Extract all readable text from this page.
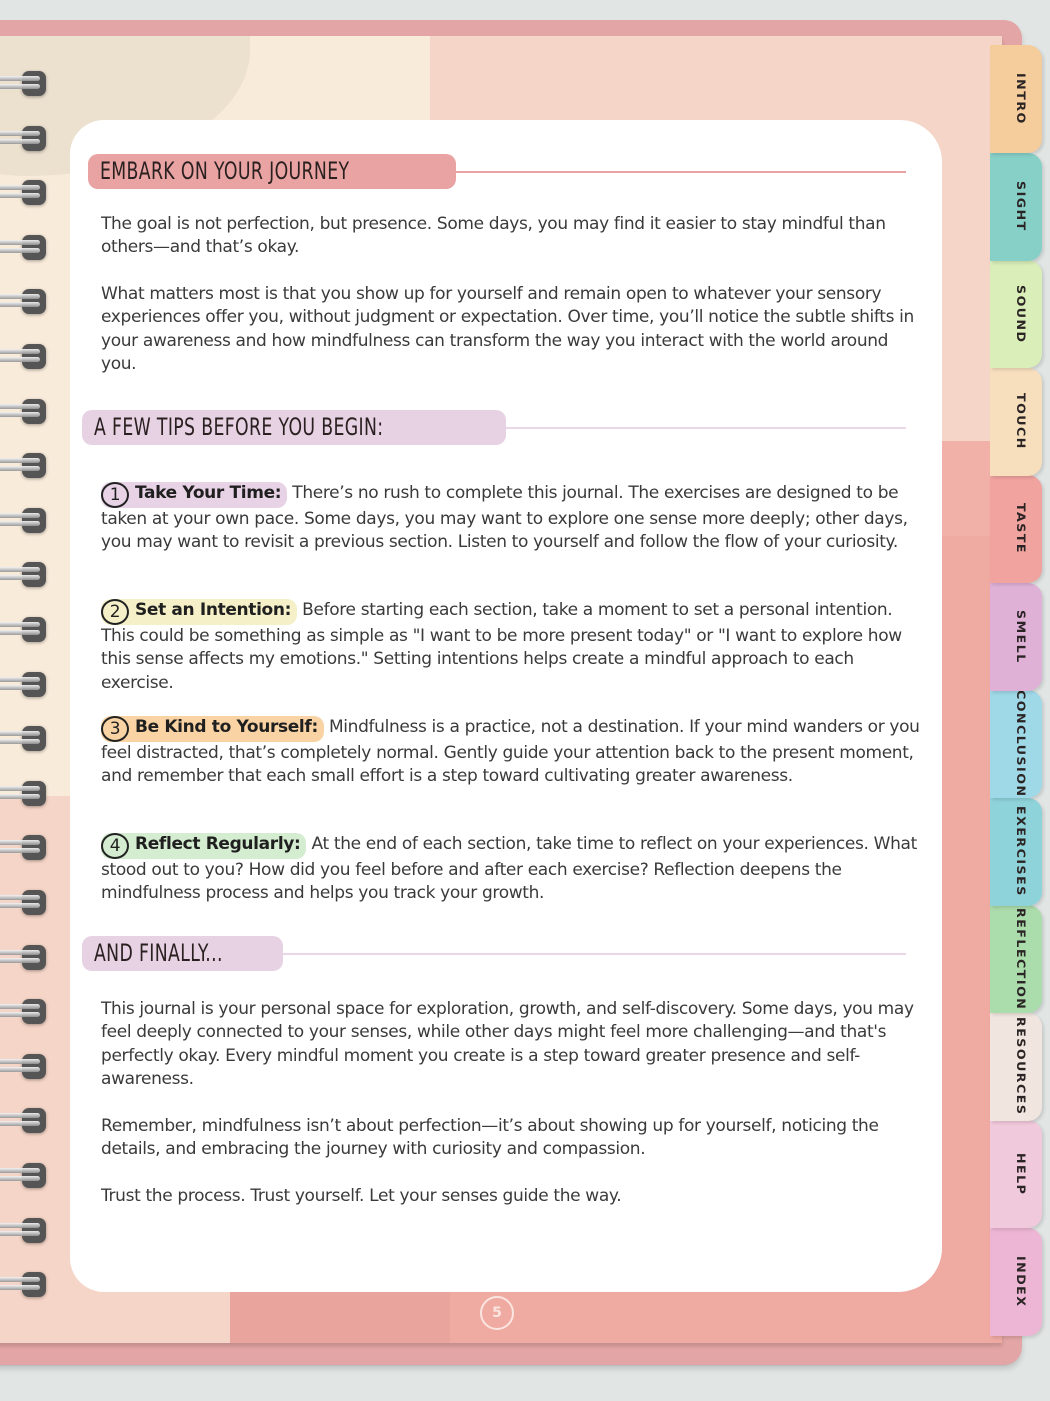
INTRO
SIGHT
SOUND
TOUCH
TASTE
SMELL
CONCLUSION
EXERCISES
REFLECTION
RESOURCES
HELP
INDEX
EMBARK ON YOUR JOURNEY

The goal is not perfection, but presence. Some days, you may find it easier to stay mindful than others—and that’s okay.

What matters most is that you show up for yourself and remain open to whatever your sensory experiences offer you, without judgment or expectation. Over time, you’ll notice the subtle shifts in your awareness and how mindfulness can transform the way you interact with the world around you.

A FEW TIPS BEFORE YOU BEGIN:

1 Take Your Time: There’s no rush to complete this journal. The exercises are designed to be taken at your own pace. Some days, you may want to explore one sense more deeply; other days, you may want to revisit a previous section. Listen to yourself and follow the flow of your curiosity.

2 Set an Intention: Before starting each section, take a moment to set a personal intention. This could be something as simple as "I want to be more present today" or "I want to explore how this sense affects my emotions." Setting intentions helps create a mindful approach to each exercise.

3 Be Kind to Yourself: Mindfulness is a practice, not a destination. If your mind wanders or you feel distracted, that’s completely normal. Gently guide your attention back to the present moment, and remember that each small effort is a step toward cultivating greater awareness.

4 Reflect Regularly: At the end of each section, take time to reflect on your experiences. What stood out to you? How did you feel before and after each exercise? Reflection deepens the mindfulness process and helps you track your growth.

AND FINALLY...

This journal is your personal space for exploration, growth, and self-discovery. Some days, you may feel deeply connected to your senses, while other days might feel more challenging—and that's perfectly okay. Every mindful moment you create is a step toward greater presence and self-awareness.

Remember, mindfulness isn’t about perfection—it’s about showing up for yourself, noticing the details, and embracing the journey with curiosity and compassion.

Trust the process. Trust yourself. Let your senses guide the way.

5
